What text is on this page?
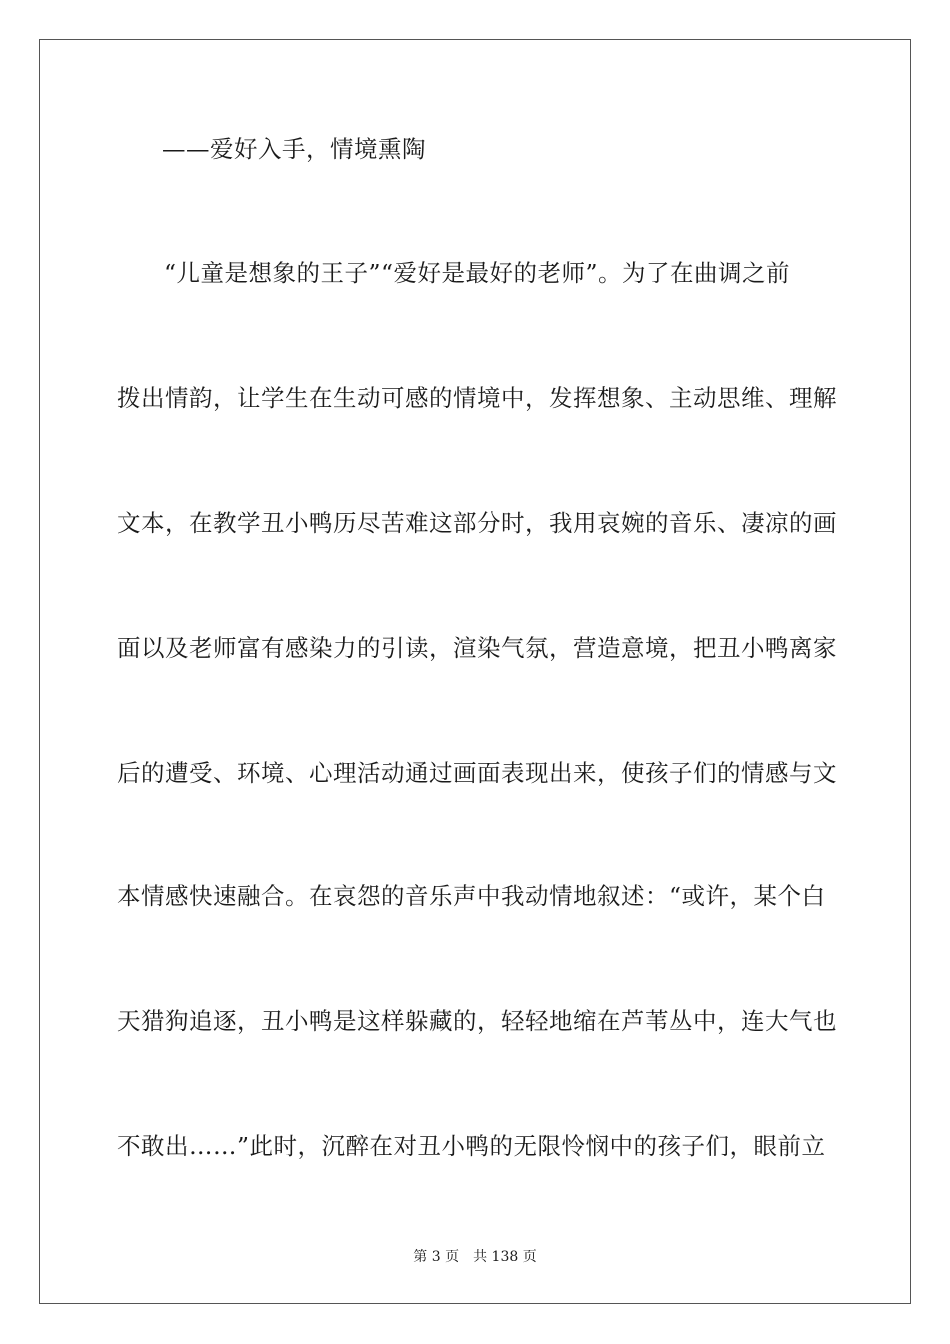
——爱好入手，情境熏陶
“儿童是想象的王子”“爱好是最好的老师”。为了在曲调之前
拨出情韵，让学生在生动可感的情境中，发挥想象、主动思维、理解
文本，在教学丑小鸭历尽苦难这部分时，我用哀婉的音乐、凄凉的画
面以及老师富有感染力的引读，渲染气氛，营造意境，把丑小鸭离家
后的遭受、环境、心理活动通过画面表现出来，使孩子们的情感与文
本情感快速融合。在哀怨的音乐声中我动情地叙述：“或许，某个白
天猎狗追逐，丑小鸭是这样躲藏的，轻轻地缩在芦苇丛中，连大气也
不敢出……”此时，沉醉在对丑小鸭的无限怜悯中的孩子们，眼前立
第 3 页 共 138 页
